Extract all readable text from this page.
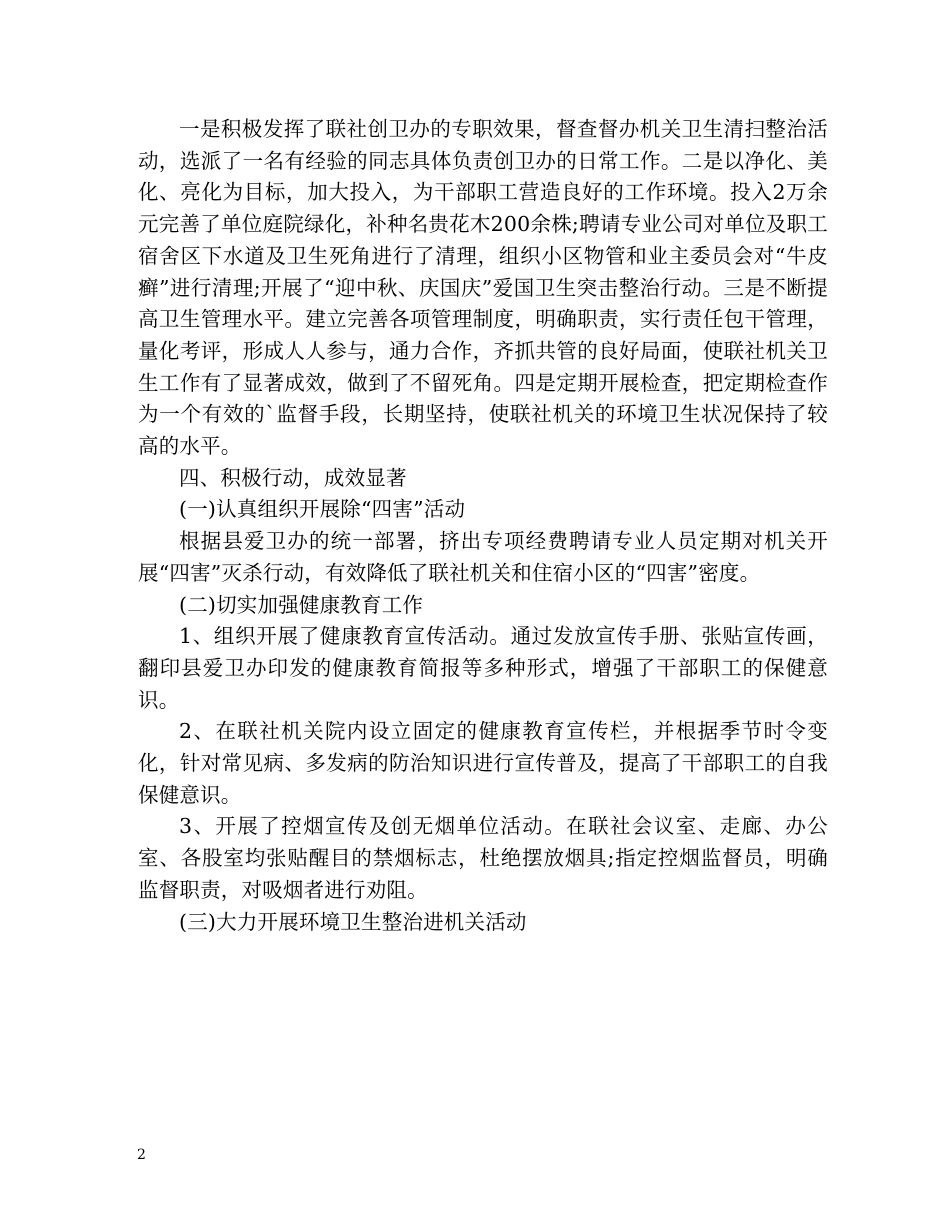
一是积极发挥了联社创卫办的专职效果，督查督办机关卫生清扫整治活动，选派了一名有经验的同志具体负责创卫办的日常工作。二是以净化、美化、亮化为目标，加大投入，为干部职工营造良好的工作环境。投入2万余元完善了单位庭院绿化，补种名贵花木200余株;聘请专业公司对单位及职工宿舍区下水道及卫生死角进行了清理，组织小区物管和业主委员会对“牛皮癣”进行清理;开展了“迎中秋、庆国庆”爱国卫生突击整治行动。三是不断提高卫生管理水平。建立完善各项管理制度，明确职责，实行责任包干管理，量化考评，形成人人参与，通力合作，齐抓共管的良好局面，使联社机关卫生工作有了显著成效，做到了不留死角。四是定期开展检查，把定期检查作为一个有效的`监督手段，长期坚持，使联社机关的环境卫生状况保持了较高的水平。

四、积极行动，成效显著

(一)认真组织开展除“四害”活动

根据县爱卫办的统一部署，挤出专项经费聘请专业人员定期对机关开展“四害”灭杀行动，有效降低了联社机关和住宿小区的“四害”密度。

(二)切实加强健康教育工作

1、组织开展了健康教育宣传活动。通过发放宣传手册、张贴宣传画，翻印县爱卫办印发的健康教育简报等多种形式，增强了干部职工的保健意识。

2、在联社机关院内设立固定的健康教育宣传栏，并根据季节时令变化，针对常见病、多发病的防治知识进行宣传普及，提高了干部职工的自我保健意识。

3、开展了控烟宣传及创无烟单位活动。在联社会议室、走廊、办公室、各股室均张贴醒目的禁烟标志，杜绝摆放烟具;指定控烟监督员，明确监督职责，对吸烟者进行劝阻。

(三)大力开展环境卫生整治进机关活动

2
